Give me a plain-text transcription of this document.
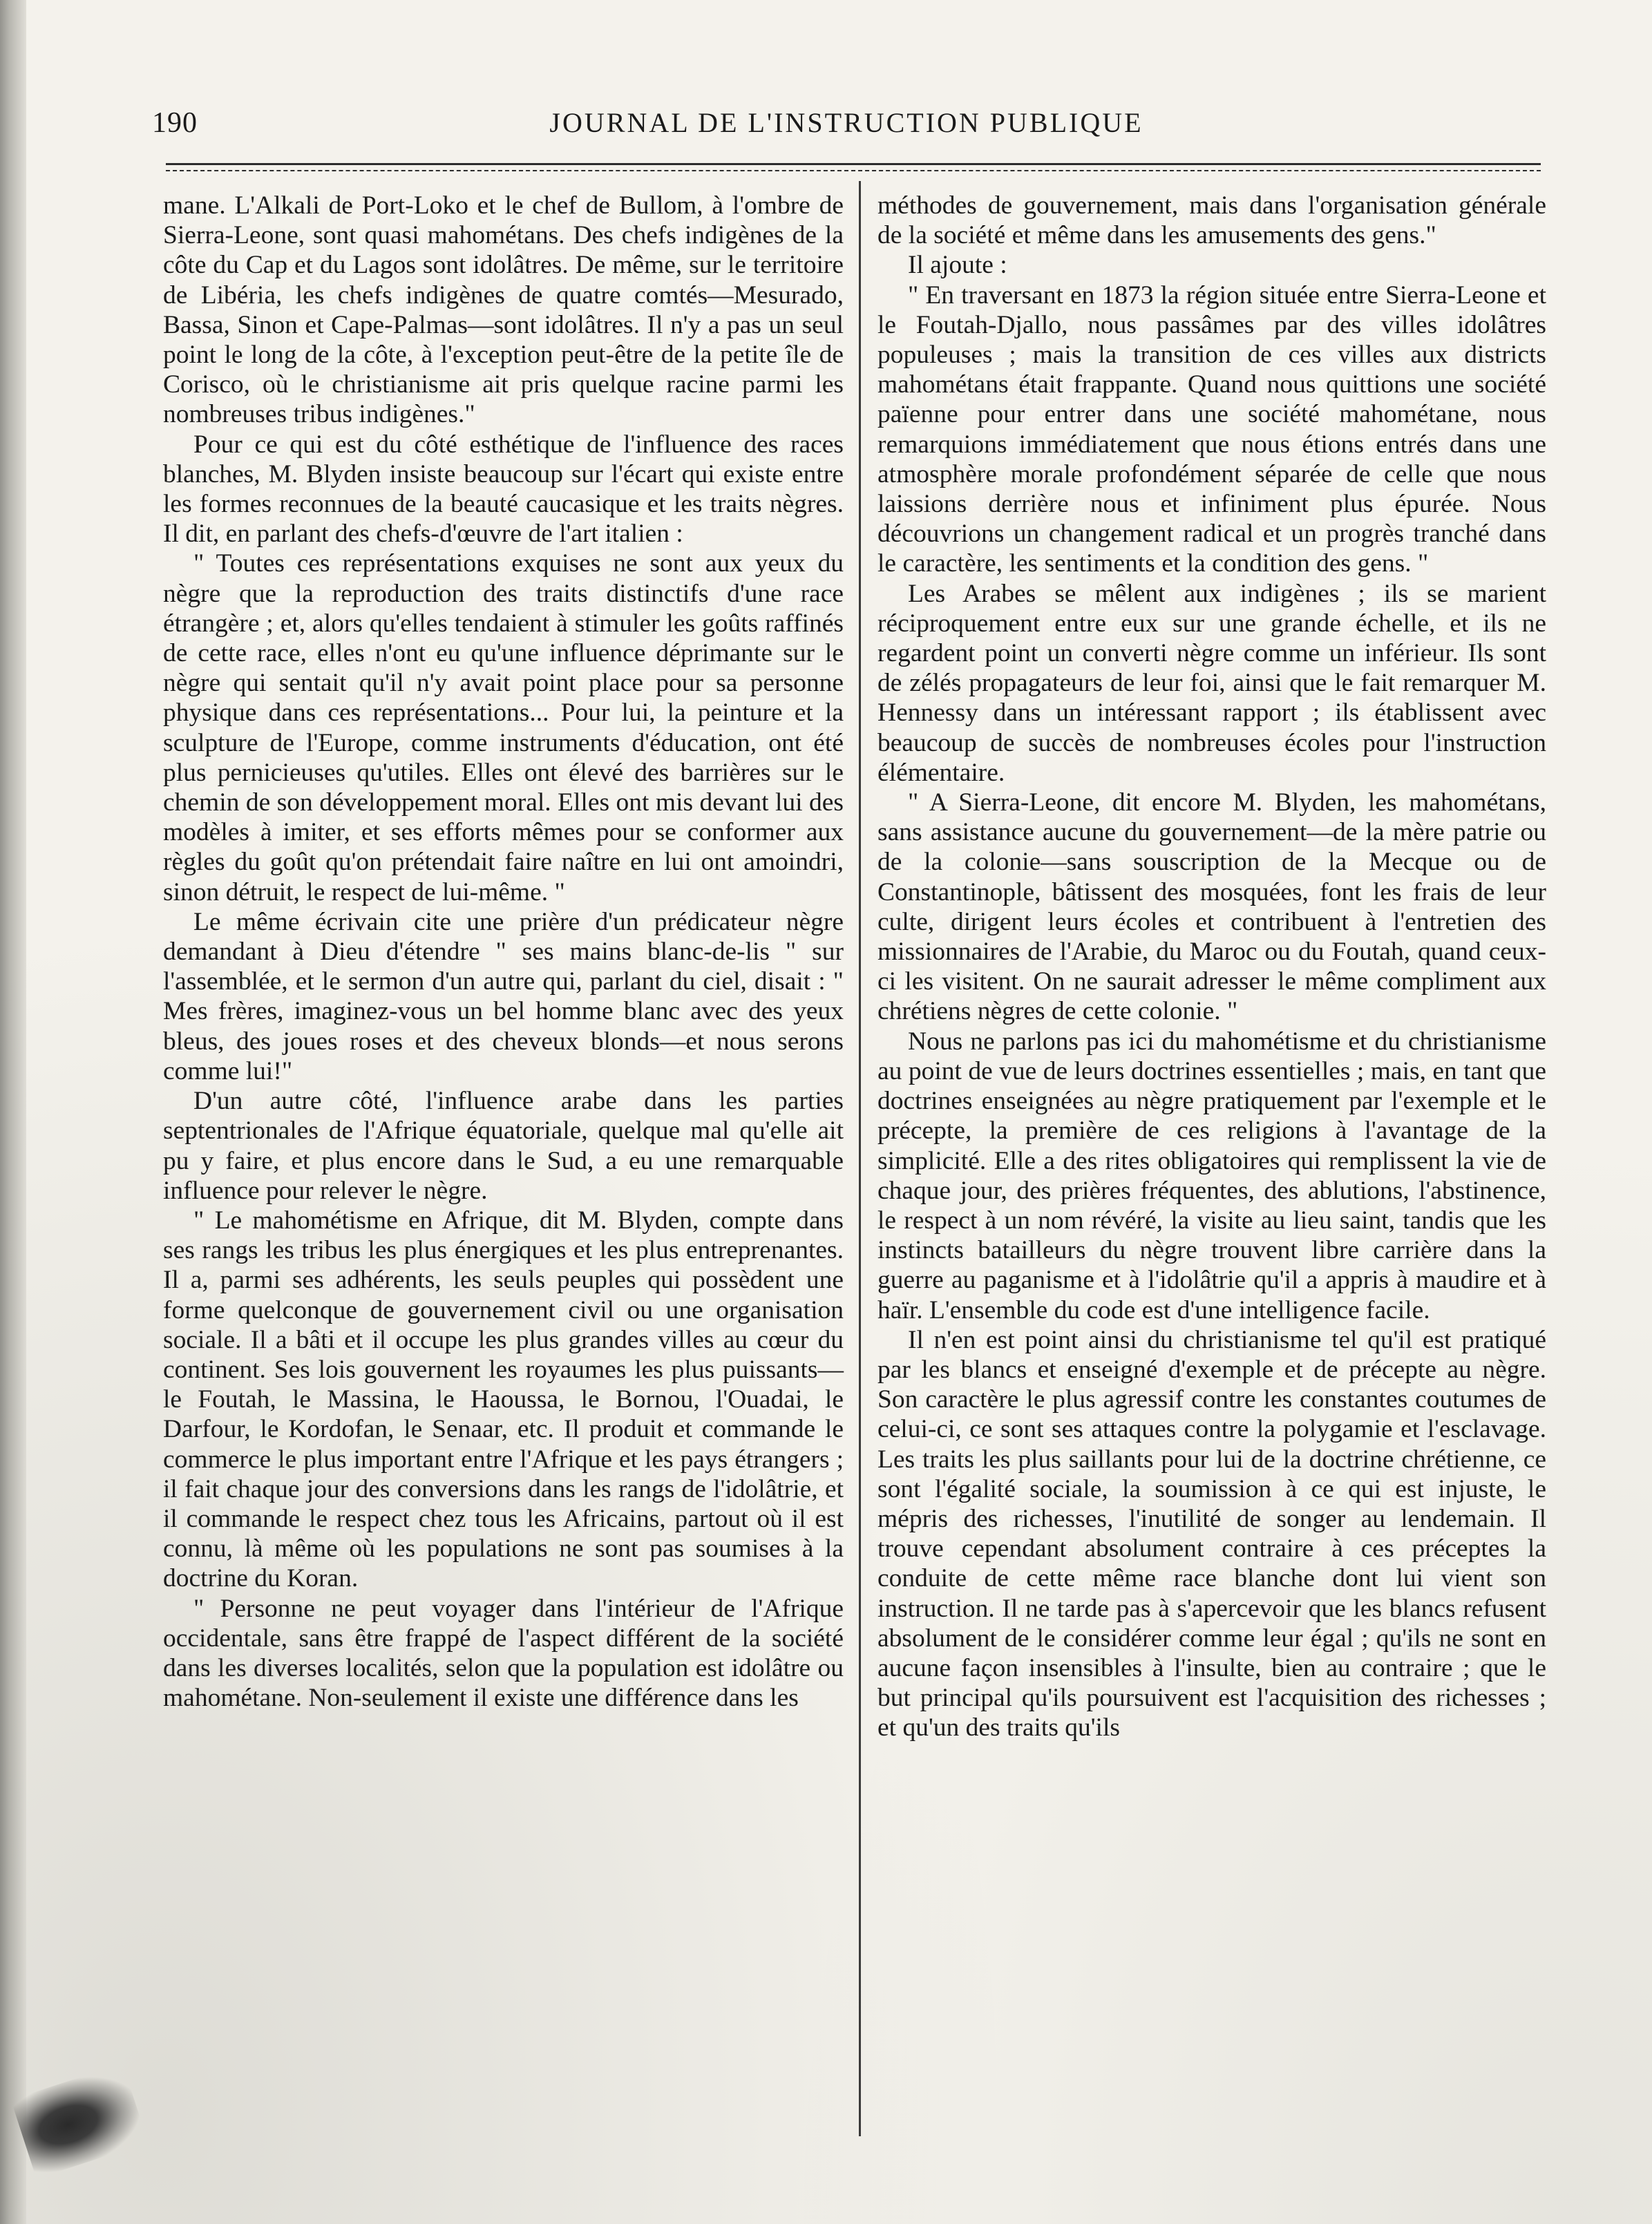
190	JOURNAL DE L'INSTRUCTION PUBLIQUE

mane. L'Alkali de Port-Loko et le chef de Bullom, à l'ombre de Sierra-Leone, sont quasi mahométans. Des chefs indigènes de la côte du Cap et du Lagos sont idolâtres. De même, sur le territoire de Libéria, les chefs indigènes de quatre comtés—Mesurado, Bassa, Sinon et Cape-Palmas—sont idolâtres. Il n'y a pas un seul point le long de la côte, à l'exception peut-être de la petite île de Corisco, où le christianisme ait pris quelque racine parmi les nombreuses tribus indigènes."

Pour ce qui est du côté esthétique de l'influence des races blanches, M. Blyden insiste beaucoup sur l'écart qui existe entre les formes reconnues de la beauté caucasique et les traits nègres. Il dit, en parlant des chefs-d'œuvre de l'art italien :

" Toutes ces représentations exquises ne sont aux yeux du nègre que la reproduction des traits distinctifs d'une race étrangère ; et, alors qu'elles tendaient à stimuler les goûts raffinés de cette race, elles n'ont eu qu'une influence déprimante sur le nègre qui sentait qu'il n'y avait point place pour sa personne physique dans ces représentations... Pour lui, la peinture et la sculpture de l'Europe, comme instruments d'éducation, ont été plus pernicieuses qu'utiles. Elles ont élevé des barrières sur le chemin de son développement moral. Elles ont mis devant lui des modèles à imiter, et ses efforts mêmes pour se conformer aux règles du goût qu'on prétendait faire naître en lui ont amoindri, sinon détruit, le respect de lui-même. "

Le même écrivain cite une prière d'un prédicateur nègre demandant à Dieu d'étendre " ses mains blanc-de-lis " sur l'assemblée, et le sermon d'un autre qui, parlant du ciel, disait : " Mes frères, imaginez-vous un bel homme blanc avec des yeux bleus, des joues roses et des cheveux blonds—et nous serons comme lui!"

D'un autre côté, l'influence arabe dans les parties septentrionales de l'Afrique équatoriale, quelque mal qu'elle ait pu y faire, et plus encore dans le Sud, a eu une remarquable influence pour relever le nègre.

" Le mahométisme en Afrique, dit M. Blyden, compte dans ses rangs les tribus les plus énergiques et les plus entreprenantes. Il a, parmi ses adhérents, les seuls peuples qui possèdent une forme quelconque de gouvernement civil ou une organisation sociale. Il a bâti et il occupe les plus grandes villes au cœur du continent. Ses lois gouvernent les royaumes les plus puissants—le Foutah, le Massina, le Haoussa, le Bornou, l'Ouadai, le Darfour, le Kordofan, le Senaar, etc. Il produit et commande le commerce le plus important entre l'Afrique et les pays étrangers ; il fait chaque jour des conversions dans les rangs de l'idolâtrie, et il commande le respect chez tous les Africains, partout où il est connu, là même où les populations ne sont pas soumises à la doctrine du Koran.

" Personne ne peut voyager dans l'intérieur de l'Afrique occidentale, sans être frappé de l'aspect différent de la société dans les diverses localités, selon que la population est idolâtre ou mahométane. Non-seulement il existe une différence dans les

méthodes de gouvernement, mais dans l'organisation générale de la société et même dans les amusements des gens."

Il ajoute :

" En traversant en 1873 la région située entre Sierra-Leone et le Foutah-Djallo, nous passâmes par des villes idolâtres populeuses ; mais la transition de ces villes aux districts mahométans était frappante. Quand nous quittions une société païenne pour entrer dans une société mahométane, nous remarquions immédiatement que nous étions entrés dans une atmosphère morale profondément séparée de celle que nous laissions derrière nous et infiniment plus épurée. Nous découvrions un changement radical et un progrès tranché dans le caractère, les sentiments et la condition des gens. "

Les Arabes se mêlent aux indigènes ; ils se marient réciproquement entre eux sur une grande échelle, et ils ne regardent point un converti nègre comme un inférieur. Ils sont de zélés propagateurs de leur foi, ainsi que le fait remarquer M. Hennessy dans un intéressant rapport ; ils établissent avec beaucoup de succès de nombreuses écoles pour l'instruction élémentaire.

" A Sierra-Leone, dit encore M. Blyden, les mahométans, sans assistance aucune du gouvernement—de la mère patrie ou de la colonie—sans souscription de la Mecque ou de Constantinople, bâtissent des mosquées, font les frais de leur culte, dirigent leurs écoles et contribuent à l'entretien des missionnaires de l'Arabie, du Maroc ou du Foutah, quand ceux-ci les visitent. On ne saurait adresser le même compliment aux chrétiens nègres de cette colonie. "

Nous ne parlons pas ici du mahométisme et du christianisme au point de vue de leurs doctrines essentielles ; mais, en tant que doctrines enseignées au nègre pratiquement par l'exemple et le précepte, la première de ces religions à l'avantage de la simplicité. Elle a des rites obligatoires qui remplissent la vie de chaque jour, des prières fréquentes, des ablutions, l'abstinence, le respect à un nom révéré, la visite au lieu saint, tandis que les instincts batailleurs du nègre trouvent libre carrière dans la guerre au paganisme et à l'idolâtrie qu'il a appris à maudire et à haïr. L'ensemble du code est d'une intelligence facile.

Il n'en est point ainsi du christianisme tel qu'il est pratiqué par les blancs et enseigné d'exemple et de précepte au nègre. Son caractère le plus agressif contre les constantes coutumes de celui-ci, ce sont ses attaques contre la polygamie et l'esclavage. Les traits les plus saillants pour lui de la doctrine chrétienne, ce sont l'égalité sociale, la soumission à ce qui est injuste, le mépris des richesses, l'inutilité de songer au lendemain. Il trouve cependant absolument contraire à ces préceptes la conduite de cette même race blanche dont lui vient son instruction. Il ne tarde pas à s'apercevoir que les blancs refusent absolument de le considérer comme leur égal ; qu'ils ne sont en aucune façon insensibles à l'insulte, bien au contraire ; que le but principal qu'ils poursuivent est l'acquisition des richesses ; et qu'un des traits qu'ils
